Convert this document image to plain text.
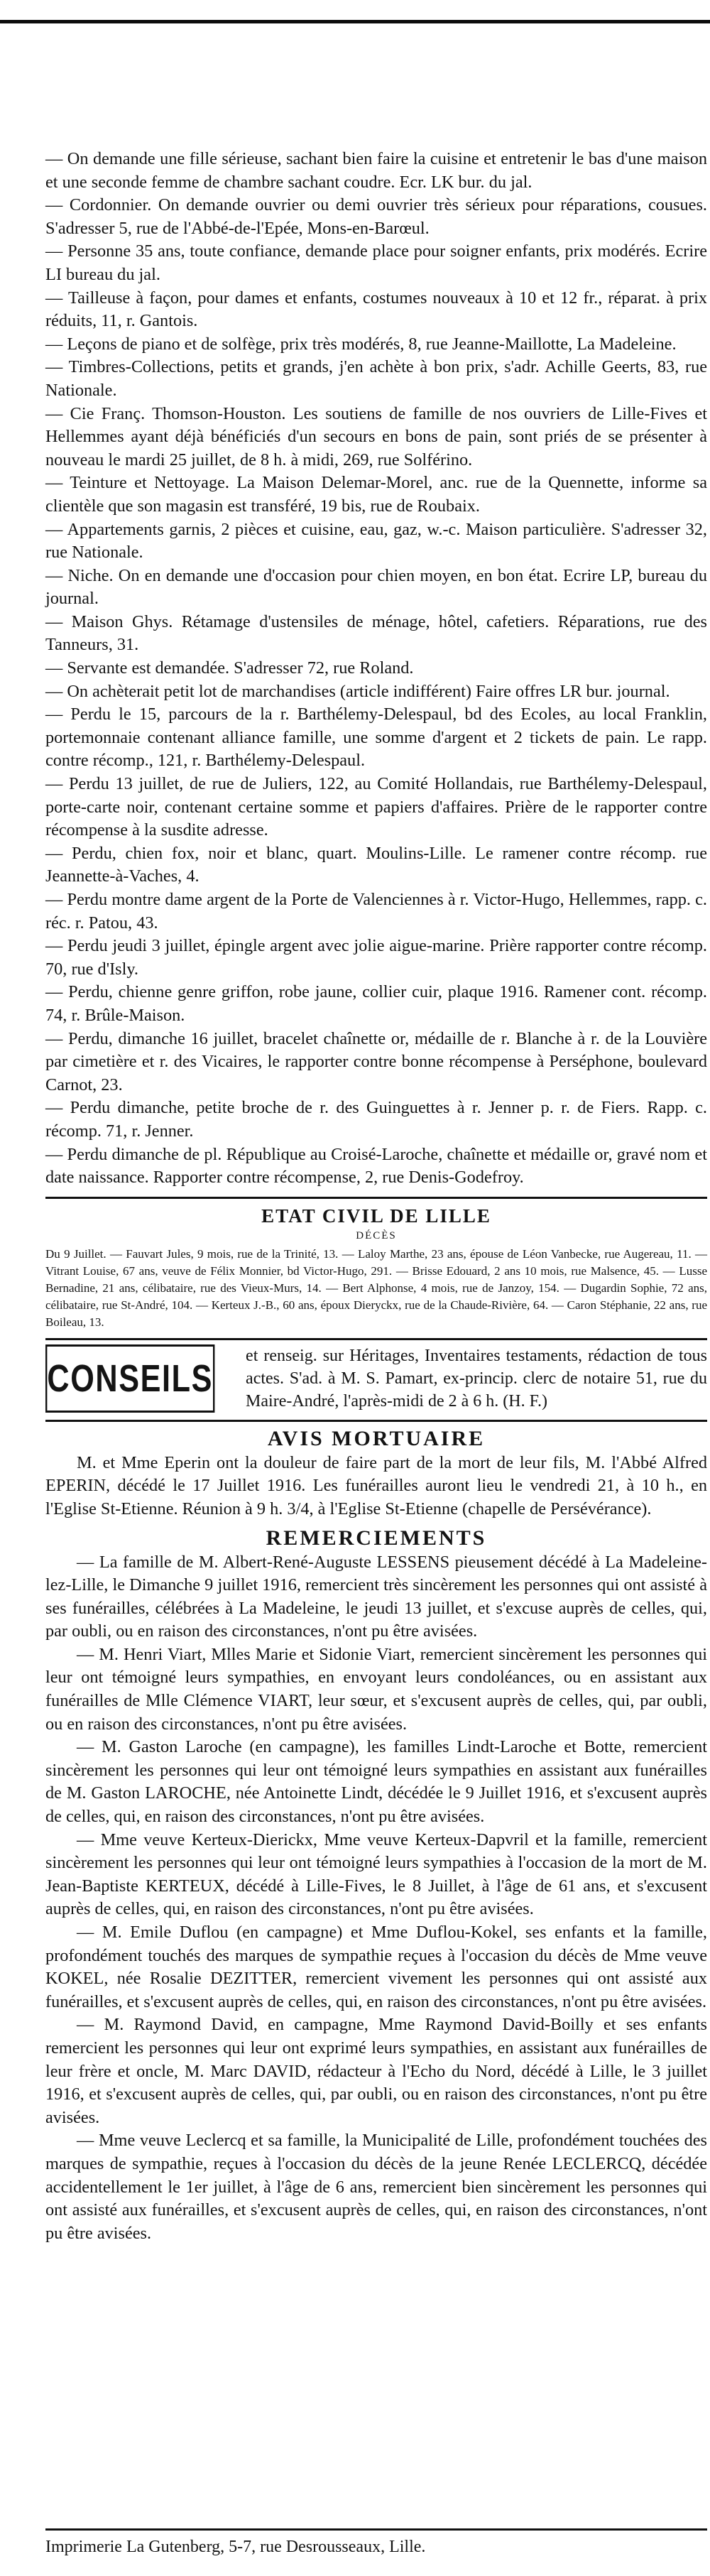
— On demande une fille sérieuse, sachant bien faire la cuisine et entretenir le bas d'une maison et une seconde femme de chambre sachant coudre. Ecr. LK bur. du jal.

— Cordonnier. On demande ouvrier ou demi ouvrier très sérieux pour réparations, cousues. S'adresser 5, rue de l'Abbé-de-l'Epée, Mons-en-Barœul.

— Personne 35 ans, toute confiance, demande place pour soigner enfants, prix modérés. Ecrire LI bureau du jal.

— Tailleuse à façon, pour dames et enfants, costumes nouveaux à 10 et 12 fr., réparat. à prix réduits, 11, r. Gantois.

— Leçons de piano et de solfège, prix très modérés, 8, rue Jeanne-Maillotte, La Madeleine.

— Timbres-Collections, petits et grands, j'en achète à bon prix, s'adr. Achille Geerts, 83, rue Nationale.

— Cie Franç. Thomson-Houston. Les soutiens de famille de nos ouvriers de Lille-Fives et Hellemmes ayant déjà bénéficiés d'un secours en bons de pain, sont priés de se présenter à nouveau le mardi 25 juillet, de 8 h. à midi, 269, rue Solférino.

— Teinture et Nettoyage. La Maison Delemar-Morel, anc. rue de la Quennette, informe sa clientèle que son magasin est transféré, 19 bis, rue de Roubaix.

— Appartements garnis, 2 pièces et cuisine, eau, gaz, w.-c. Maison particulière. S'adresser 32, rue Nationale.

— Niche. On en demande une d'occasion pour chien moyen, en bon état. Ecrire LP, bureau du journal.

— Maison Ghys. Rétamage d'ustensiles de ménage, hôtel, cafetiers. Réparations, rue des Tanneurs, 31.

— Servante est demandée. S'adresser 72, rue Roland.

— On achèterait petit lot de marchandises (article indifférent) Faire offres LR bur. journal.

— Perdu le 15, parcours de la r. Barthélemy-Delespaul, bd des Ecoles, au local Franklin, portemonnaie contenant alliance famille, une somme d'argent et 2 tickets de pain. Le rapp. contre récomp., 121, r. Barthélemy-Delespaul.

— Perdu 13 juillet, de rue de Juliers, 122, au Comité Hollandais, rue Barthélemy-Delespaul, porte-carte noir, contenant certaine somme et papiers d'affaires. Prière de le rapporter contre récompense à la susdite adresse.

— Perdu, chien fox, noir et blanc, quart. Moulins-Lille. Le ramener contre récomp. rue Jeannette-à-Vaches, 4.

— Perdu montre dame argent de la Porte de Valenciennes à r. Victor-Hugo, Hellemmes, rapp. c. réc. r. Patou, 43.

— Perdu jeudi 3 juillet, épingle argent avec jolie aigue-marine. Prière rapporter contre récomp. 70, rue d'Isly.

— Perdu, chienne genre griffon, robe jaune, collier cuir, plaque 1916. Ramener cont. récomp. 74, r. Brûle-Maison.

— Perdu, dimanche 16 juillet, bracelet chaînette or, médaille de r. Blanche à r. de la Louvière par cimetière et r. des Vicaires, le rapporter contre bonne récompense à Perséphone, boulevard Carnot, 23.

— Perdu dimanche, petite broche de r. des Guinguettes à r. Jenner p. r. de Fiers. Rapp. c. récomp. 71, r. Jenner.

— Perdu dimanche de pl. République au Croisé-Laroche, chaînette et médaille or, gravé nom et date naissance. Rapporter contre récompense, 2, rue Denis-Godefroy.

ETAT CIVIL DE LILLE
DÉCÈS

Du 9 Juillet. — Fauvart Jules, 9 mois, rue de la Trinité, 13. — Laloy Marthe, 23 ans, épouse de Léon Vanbecke, rue Augereau, 11. — Vitrant Louise, 67 ans, veuve de Félix Monnier, bd Victor-Hugo, 291. — Brisse Edouard, 2 ans 10 mois, rue Malsence, 45. — Lusse Bernadine, 21 ans, célibataire, rue des Vieux-Murs, 14. — Bert Alphonse, 4 mois, rue de Janzoy, 154. — Dugardin Sophie, 72 ans, célibataire, rue St-André, 104. — Kerteux J.-B., 60 ans, époux Dieryckx, rue de la Chaude-Rivière, 64. — Caron Stéphanie, 22 ans, rue Boileau, 13.

CONSEILS
et renseig. sur Héritages, Inventaires testaments, rédaction de tous actes. S'ad. à M. S. Pamart, ex-princip. clerc de notaire 51, rue du Maire-André, l'après-midi de 2 à 6 h. (H. F.)
AVIS MORTUAIRE

M. et Mme Eperin ont la douleur de faire part de la mort de leur fils, M. l'Abbé Alfred EPERIN, décédé le 17 Juillet 1916. Les funérailles auront lieu le vendredi 21, à 10 h., en l'Eglise St-Etienne. Réunion à 9 h. 3/4, à l'Eglise St-Etienne (chapelle de Persévérance).

REMERCIEMENTS

— La famille de M. Albert-René-Auguste LESSENS pieusement décédé à La Madeleine-lez-Lille, le Dimanche 9 juillet 1916, remercient très sincèrement les personnes qui ont assisté à ses funérailles, célébrées à La Madeleine, le jeudi 13 juillet, et s'excuse auprès de celles, qui, par oubli, ou en raison des circonstances, n'ont pu être avisées.

— M. Henri Viart, Mlles Marie et Sidonie Viart, remercient sincèrement les personnes qui leur ont témoigné leurs sympathies, en envoyant leurs condoléances, ou en assistant aux funérailles de Mlle Clémence VIART, leur sœur, et s'excusent auprès de celles, qui, par oubli, ou en raison des circonstances, n'ont pu être avisées.

— M. Gaston Laroche (en campagne), les familles Lindt-Laroche et Botte, remercient sincèrement les personnes qui leur ont témoigné leurs sympathies en assistant aux funérailles de M. Gaston LAROCHE, née Antoinette Lindt, décédée le 9 Juillet 1916, et s'excusent auprès de celles, qui, en raison des circonstances, n'ont pu être avisées.

— Mme veuve Kerteux-Dierickx, Mme veuve Kerteux-Dapvril et la famille, remercient sincèrement les personnes qui leur ont témoigné leurs sympathies à l'occasion de la mort de M. Jean-Baptiste KERTEUX, décédé à Lille-Fives, le 8 Juillet, à l'âge de 61 ans, et s'excusent auprès de celles, qui, en raison des circonstances, n'ont pu être avisées.

— M. Emile Duflou (en campagne) et Mme Duflou-Kokel, ses enfants et la famille, profondément touchés des marques de sympathie reçues à l'occasion du décès de Mme veuve KOKEL, née Rosalie DEZITTER, remercient vivement les personnes qui ont assisté aux funérailles, et s'excusent auprès de celles, qui, en raison des circonstances, n'ont pu être avisées.

— M. Raymond David, en campagne, Mme Raymond David-Boilly et ses enfants remercient les personnes qui leur ont exprimé leurs sympathies, en assistant aux funérailles de leur frère et oncle, M. Marc DAVID, rédacteur à l'Echo du Nord, décédé à Lille, le 3 juillet 1916, et s'excusent auprès de celles, qui, par oubli, ou en raison des circonstances, n'ont pu être avisées.

— Mme veuve Leclercq et sa famille, la Municipalité de Lille, profondément touchées des marques de sympathie, reçues à l'occasion du décès de la jeune Renée LECLERCQ, décédée accidentellement le 1er juillet, à l'âge de 6 ans, remercient bien sincèrement les personnes qui ont assisté aux funérailles, et s'excusent auprès de celles, qui, en raison des circonstances, n'ont pu être avisées.

Imprimerie La Gutenberg, 5-7, rue Desrousseaux, Lille.
